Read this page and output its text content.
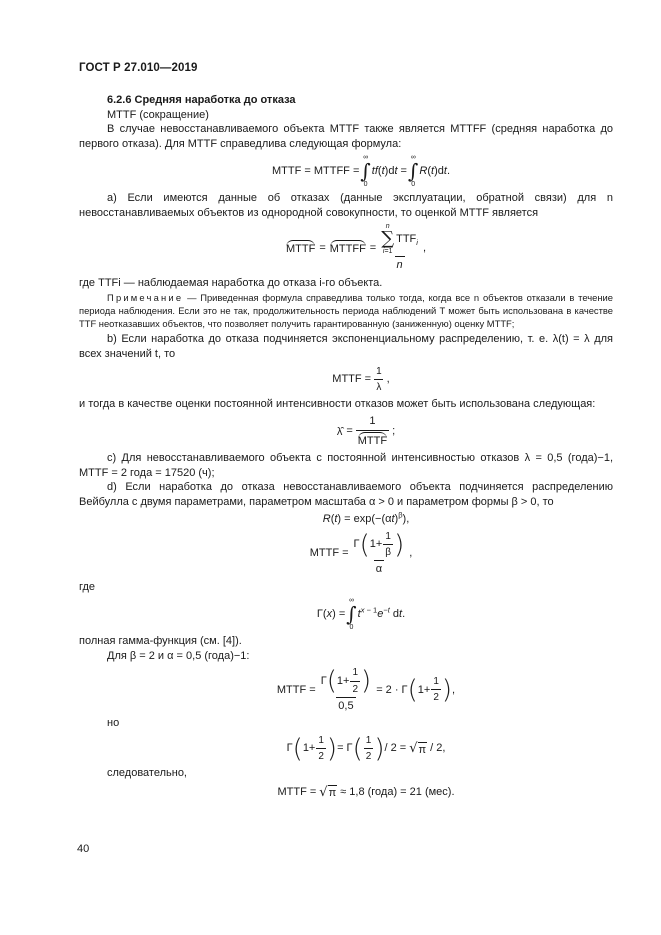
ГОСТ Р 27.010—2019

6.2.6 Средняя наработка до отказа

MTTF (сокращение)

В случае невосстанавливаемого объекта MTTF также является MTTFF (средняя наработка до первого отказа). Для MTTF справедлива следующая формула:

MTTF = MTTFF =
∞
∫
0
tf(t)dt =
∞
∫
0
R(t)dt.

а) Если имеются данные об отказах (данные эксплуатации, обратной связи) для n невосстанавливаемых объектов из однородной совокупности, то оценкой MTTF является

MTTF = MTTFF = n
∑
i=1
$TTF_i$
n ,

где TTFi — наблюдаемая наработка до отказа i-го объекта.

Примечание — Приведенная формула справедлива только тогда, когда все n объектов отказали в течение периода наблюдения. Если это не так, продолжительность периода наблюдений T может быть использована в качестве TTF неотказавших объектов, что позволяет получить гарантированную (заниженную) оценку MTTF;

b) Если наработка до отказа подчиняется экспоненциальному распределению, т. е. λ(t) = λ для всех значений t, то

MTTF = $\frac{1}{\lambda}$ ,

и тогда в качестве оценки постоянной интенсивности отказов может быть использована следующая:

λ̂ = $\frac{1}{\text{MTTF}}$ ;

c) Для невосстанавливаемого объекта с постоянной интенсивностью отказов λ = 0,5 (года)−1, MTTF = 2 года = 17520 (ч);

d) Если наработка до отказа невосстанавливаемого объекта подчиняется распределению Вейбулла с двумя параметрами, параметром масштаба α > 0 и параметром формы β > 0, то

$R(t) = \exp(-(\alpha t)^\beta)$,
MTTF = $\frac{\Gamma ( 1+ \frac{1}{\beta} )}{\alpha}$ ,

где

Γ(x) =
∞
∫
0
$t^{x - 1}e^{-t}$ dt.

полная гамма-функция (см. [4]).

Для β = 2 и α = 0,5 (года)−1:

MTTF = $\frac{\Gamma ( 1+ \frac{1}{2} )}{0,5} = 2 \cdot \Gamma$ ( $1+ \frac{1}{2}$ ) ,

но

Γ ( $1+ \frac{1}{2}$ ) = Γ ( $\frac{1}{2}$ ) / 2 = √ π / 2,

следовательно,

MTTF = √ π ≈ 1,8 (года) = 21 (мес).
40
